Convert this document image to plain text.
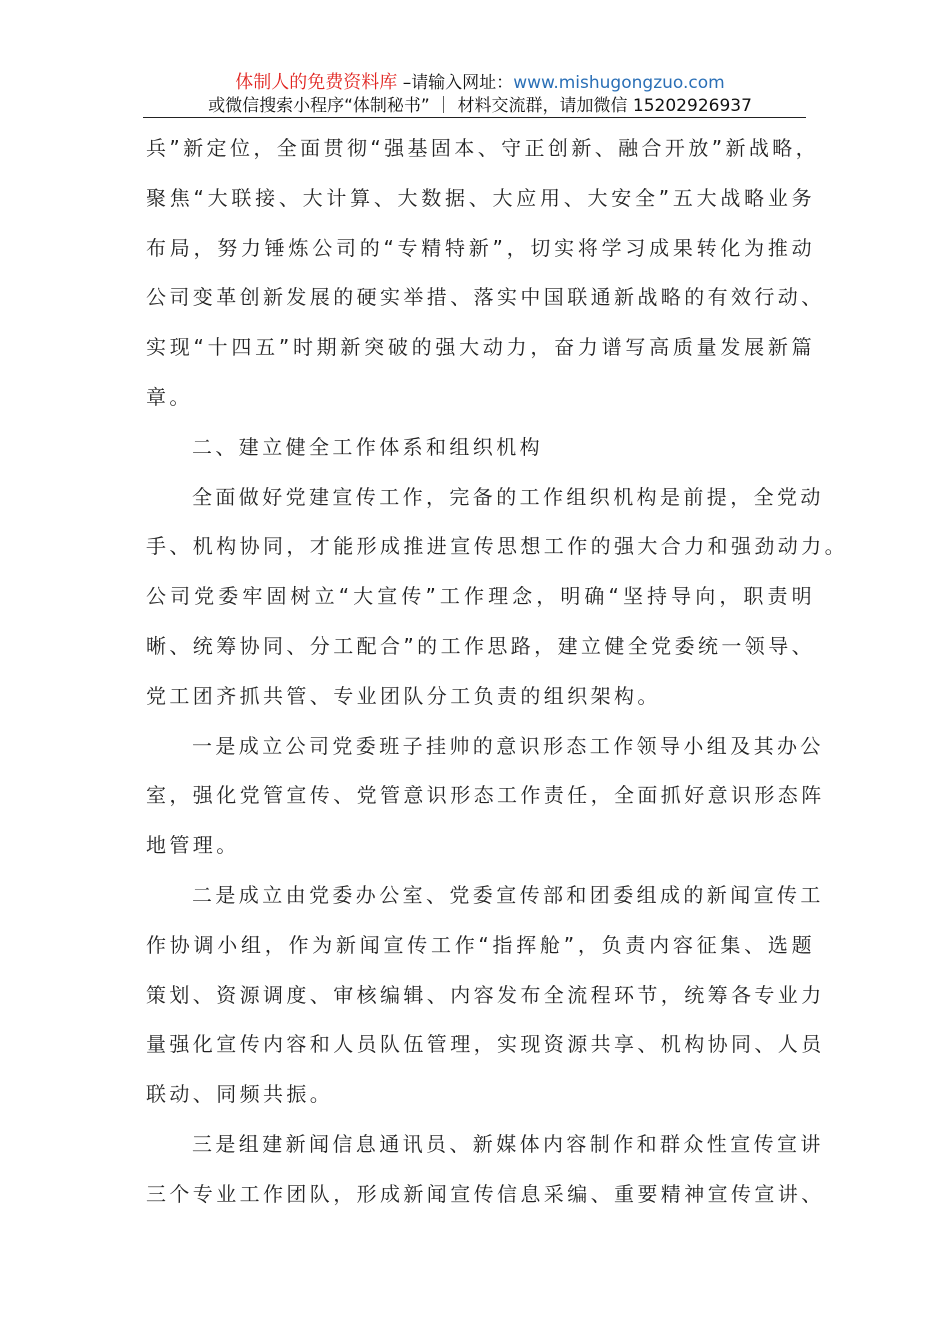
体制人的免费资料库 –请输入网址：www.mishugongzuo.com
或微信搜索小程序“体制秘书” ｜ 材料交流群，请加微信 15202926937
兵”新定位，全面贯彻“强基固本、守正创新、融合开放”新战略，
聚焦“大联接、大计算、大数据、大应用、大安全”五大战略业务
布局，努力锤炼公司的“专精特新”，切实将学习成果转化为推动
公司变革创新发展的硬实举措、落实中国联通新战略的有效行动、
实现“十四五”时期新突破的强大动力，奋力谱写高质量发展新篇
章。
二、建立健全工作体系和组织机构
全面做好党建宣传工作，完备的工作组织机构是前提，全党动
手、机构协同，才能形成推进宣传思想工作的强大合力和强劲动力。
公司党委牢固树立“大宣传”工作理念，明确“坚持导向，职责明
晰、统筹协同、分工配合”的工作思路，建立健全党委统一领导、
党工团齐抓共管、专业团队分工负责的组织架构。
一是成立公司党委班子挂帅的意识形态工作领导小组及其办公
室，强化党管宣传、党管意识形态工作责任，全面抓好意识形态阵
地管理。
二是成立由党委办公室、党委宣传部和团委组成的新闻宣传工
作协调小组，作为新闻宣传工作“指挥舱”，负责内容征集、选题
策划、资源调度、审核编辑、内容发布全流程环节，统筹各专业力
量强化宣传内容和人员队伍管理，实现资源共享、机构协同、人员
联动、同频共振。
三是组建新闻信息通讯员、新媒体内容制作和群众性宣传宣讲
三个专业工作团队，形成新闻宣传信息采编、重要精神宣传宣讲、
